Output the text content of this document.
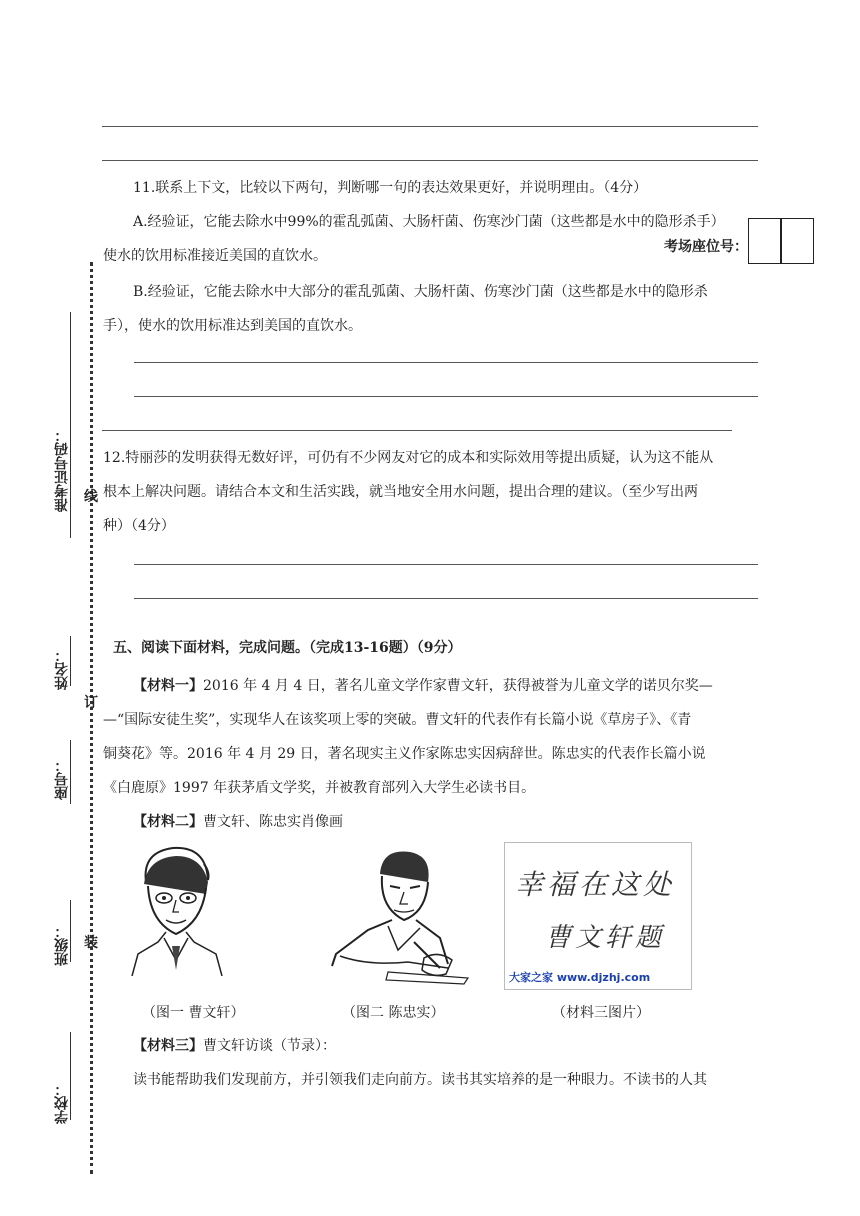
11.联系上下文，比较以下两句，判断哪一句的表达效果更好，并说明理由。（4分）
A.经验证，它能去除水中99%的霍乱弧菌、大肠杆菌、伤寒沙门菌（这些都是水中的隐形杀手）
使水的饮用标准接近美国的直饮水。
B.经验证，它能去除水中大部分的霍乱弧菌、大肠杆菌、伤寒沙门菌（这些都是水中的隐形杀
手），使水的饮用标准达到美国的直饮水。
考场座位号：
12.特丽莎的发明获得无数好评，可仍有不少网友对它的成本和实际效用等提出质疑，认为这不能从
根本上解决问题。请结合本文和生活实践，就当地安全用水问题，提出合理的建议。（至少写出两
种）（4分）
五、阅读下面材料，完成问题。（完成13-16题）（9分）
【材料一】2016 年 4 月 4 日，著名儿童文学作家曹文轩，获得被誉为儿童文学的诺贝尔奖—
—“国际安徒生奖”，实现华人在该奖项上零的突破。曹文轩的代表作有长篇小说《草房子》、《青
铜葵花》等。2016 年 4 月 29 日，著名现实主义作家陈忠实因病辞世。陈忠实的代表作长篇小说
《白鹿原》1997 年获茅盾文学奖，并被教育部列入大学生必读书目。
【材料二】曹文轩、陈忠实肖像画
（图一 曹文轩）	（图二 陈忠实）
幸福在这处
曹文轩题
大家之家 www.djzhj.com
（材料三图片）
【材料三】曹文轩访谈（节录）：
读书能帮助我们发现前方，并引领我们走向前方。读书其实培养的是一种眼力。不读书的人其
线
订
装
准考证号码：
姓名：
座号：
班级：
学校：
